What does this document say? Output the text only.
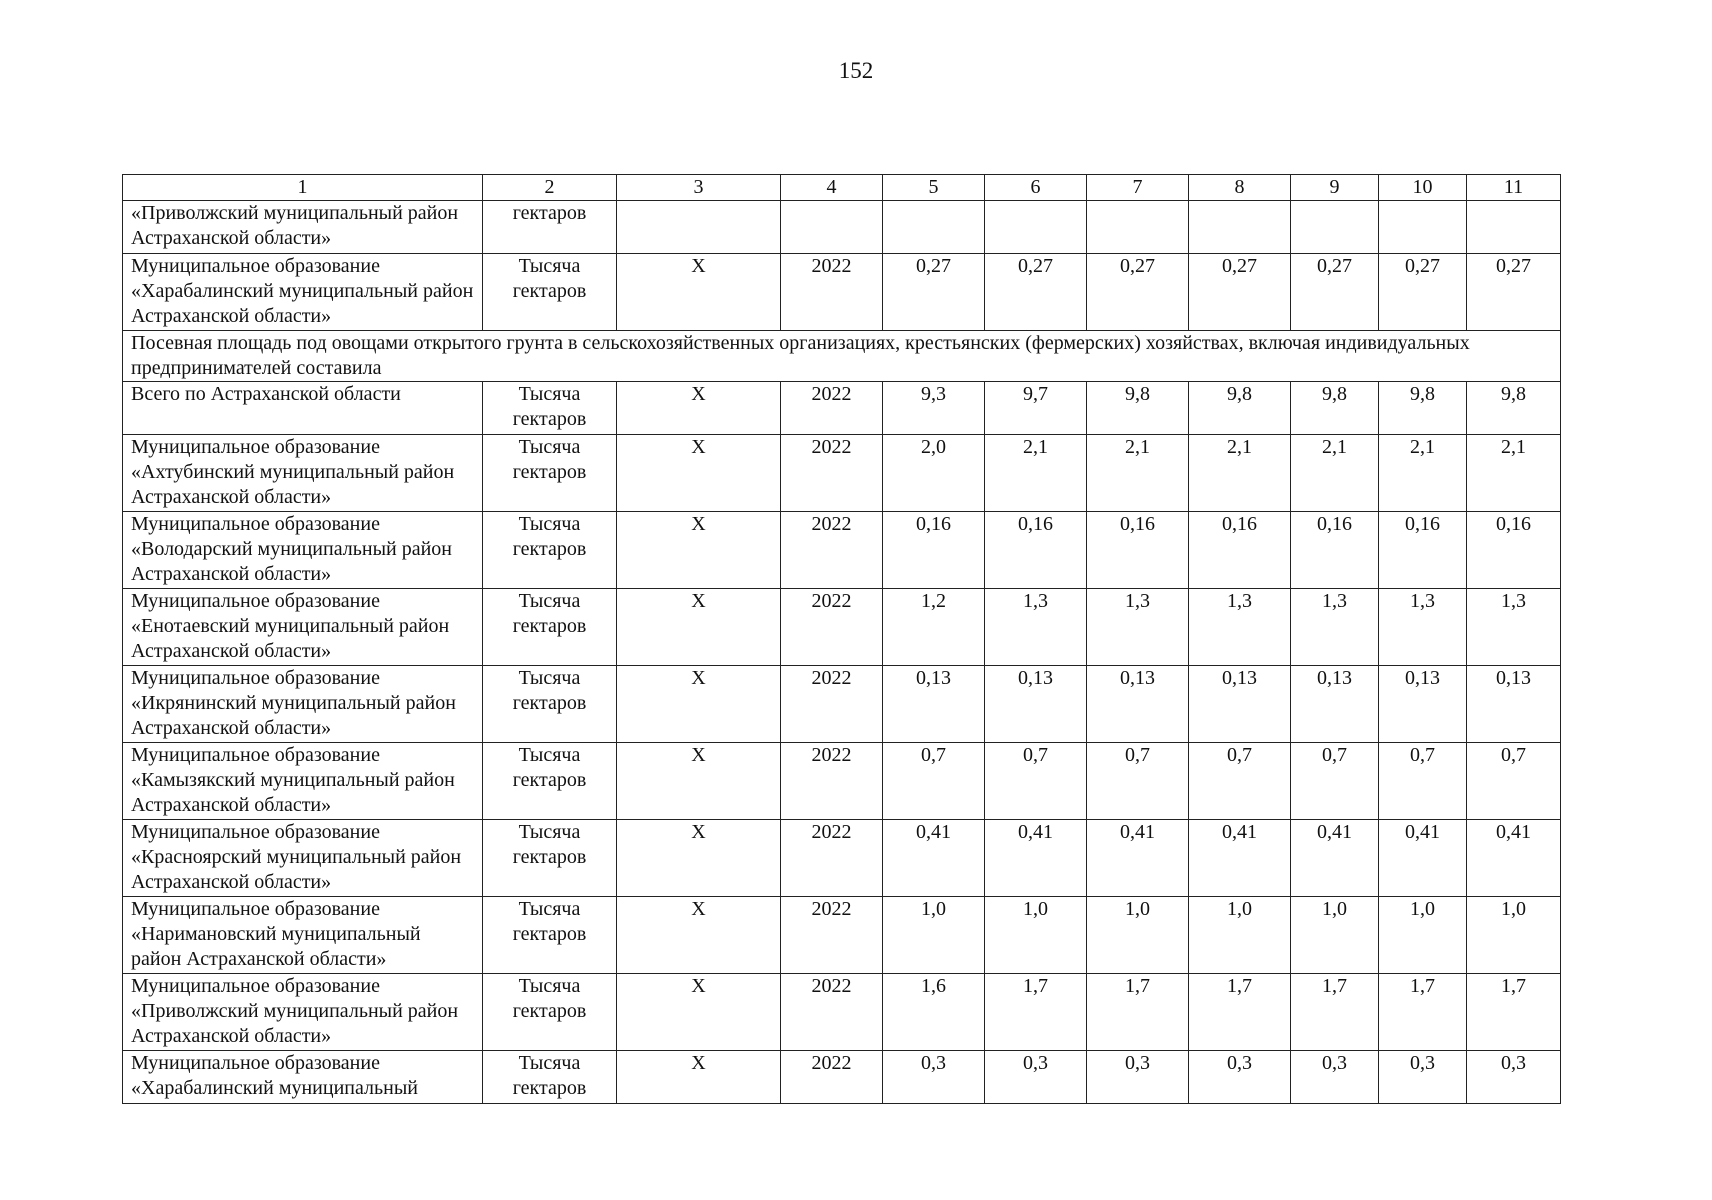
152
1	2	3	4	5	6	7	8	9	10	11
«Приволжский муниципальный район Астраханской области»	гектаров									
Муниципальное образование «Харабалинский муниципальный район Астраханской области»	Тысяча гектаров	X	2022	0,27	0,27	0,27	0,27	0,27	0,27	0,27
Посевная площадь под овощами открытого грунта в сельскохозяйственных организациях, крестьянских (фермерских) хозяйствах, включая индивидуальных предпринимателей составила										
Всего по Астраханской области	Тысяча гектаров	X	2022	9,3	9,7	9,8	9,8	9,8	9,8	9,8
Муниципальное образование «Ахтубинский муниципальный район Астраханской области»	Тысяча гектаров	X	2022	2,0	2,1	2,1	2,1	2,1	2,1	2,1
Муниципальное образование «Володарский муниципальный район Астраханской области»	Тысяча гектаров	X	2022	0,16	0,16	0,16	0,16	0,16	0,16	0,16
Муниципальное образование «Енотаевский муниципальный район Астраханской области»	Тысяча гектаров	X	2022	1,2	1,3	1,3	1,3	1,3	1,3	1,3
Муниципальное образование «Икрянинский муниципальный район Астраханской области»	Тысяча гектаров	X	2022	0,13	0,13	0,13	0,13	0,13	0,13	0,13
Муниципальное образование «Камызякский муниципальный район Астраханской области»	Тысяча гектаров	X	2022	0,7	0,7	0,7	0,7	0,7	0,7	0,7
Муниципальное образование «Красноярский муниципальный район Астраханской области»	Тысяча гектаров	X	2022	0,41	0,41	0,41	0,41	0,41	0,41	0,41
Муниципальное образование «Наримановский муниципальный район Астраханской области»	Тысяча гектаров	X	2022	1,0	1,0	1,0	1,0	1,0	1,0	1,0
Муниципальное образование «Приволжский муниципальный район Астраханской области»	Тысяча гектаров	X	2022	1,6	1,7	1,7	1,7	1,7	1,7	1,7
Муниципальное образование «Харабалинский муниципальный	Тысяча гектаров	X	2022	0,3	0,3	0,3	0,3	0,3	0,3	0,3
